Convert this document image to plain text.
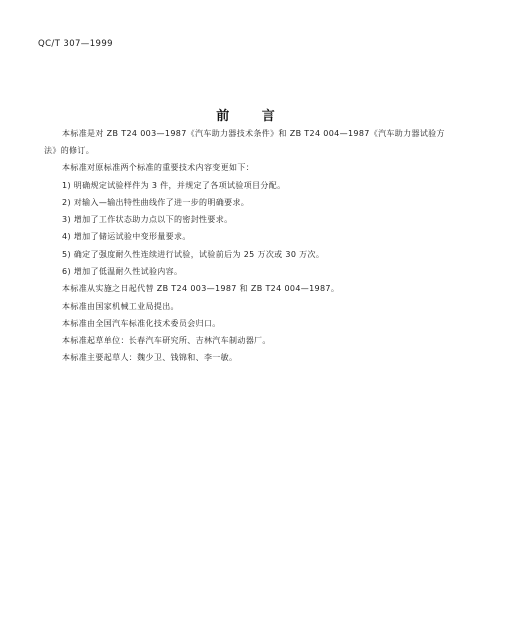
QC/T 307—1999
前 言
本标准是对 ZB T24 003—1987《汽车助力器技术条件》和 ZB T24 004—1987《汽车助力器试验方
法》的修订。
本标准对原标准两个标准的重要技术内容变更如下：
1) 明确规定试验样件为 3 件，并规定了各项试验项目分配。
2) 对输入—输出特性曲线作了进一步的明确要求。
3) 增加了工作状态助力点以下的密封性要求。
4) 增加了储运试验中变形量要求。
5) 确定了强度耐久性连续进行试验，试验前后为 25 万次或 30 万次。
6) 增加了低温耐久性试验内容。
本标准从实施之日起代替 ZB T24 003—1987 和 ZB T24 004—1987。
本标准由国家机械工业局提出。
本标准由全国汽车标准化技术委员会归口。
本标准起草单位：长春汽车研究所、吉林汽车制动器厂。
本标准主要起草人：魏少卫、钱锦和、李一敏。
